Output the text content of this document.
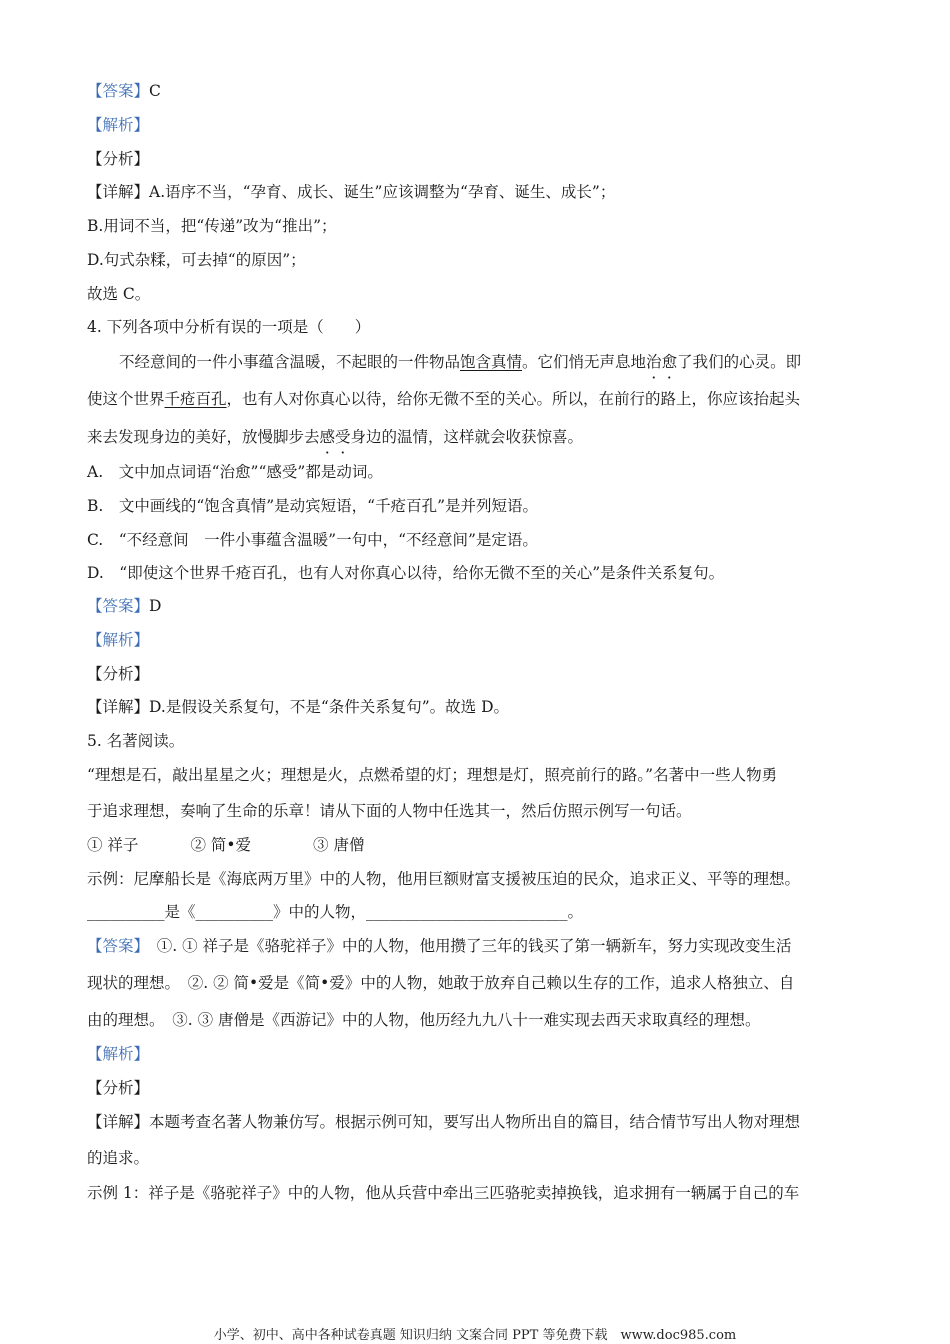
【答案】C
【解析】
【分析】
【详解】A.语序不当，“孕育、成长、诞生”应该调整为“孕育、诞生、成长”；
B.用词不当，把“传递”改为“推出”；
D.句式杂糅，可去掉“的原因”；
故选 C。
4. 下列各项中分析有误的一项是（　　）
不经意间的一件小事蕴含温暖，不起眼的一件物品饱含真情。它们悄无声息地治愈了我们的心灵。即
使这个世界千疮百孔，也有人对你真心以待，给你无微不至的关心。所以，在前行的路上，你应该抬起头
来去发现身边的美好，放慢脚步去感受身边的温情，这样就会收获惊喜。
A.　文中加点词语“治愈”“感受”都是动词。
B.　文中画线的“饱含真情”是动宾短语，“千疮百孔”是并列短语。
C.　“不经意间　一件小事蕴含温暖”一句中，“不经意间”是定语。
D.　“即使这个世界千疮百孔，也有人对你真心以待，给你无微不至的关心”是条件关系复句。
【答案】D
【解析】
【分析】
【详解】D.是假设关系复句，不是“条件关系复句”。故选 D。
5. 名著阅读。
“理想是石，敲出星星之火；理想是火，点燃希望的灯；理想是灯，照亮前行的路。”名著中一些人物勇
于追求理想，奏响了生命的乐章！请从下面的人物中任选其一，然后仿照示例写一句话。
① 祥子	② 简•爱	③ 唐僧
示例：尼摩船长是《海底两万里》中的人物，他用巨额财富支援被压迫的民众，追求正义、平等的理想。
__________是《__________》中的人物，__________________________。
【答案】　①. ① 祥子是《骆驼祥子》中的人物，他用攒了三年的钱买了第一辆新车，努力实现改变生活
现状的理想。　②. ② 简•爱是《简•爱》中的人物，她敢于放弃自己赖以生存的工作，追求人格独立、自
由的理想。　③. ③ 唐僧是《西游记》中的人物，他历经九九八十一难实现去西天求取真经的理想。
【解析】
【分析】
【详解】本题考查名著人物兼仿写。根据示例可知，要写出人物所出自的篇目，结合情节写出人物对理想
的追求。
示例 1：祥子是《骆驼祥子》中的人物，他从兵营中牵出三匹骆驼卖掉换钱，追求拥有一辆属于自己的车
小学、初中、高中各种试卷真题 知识归纳 文案合同 PPT 等免费下载　www.doc985.com
